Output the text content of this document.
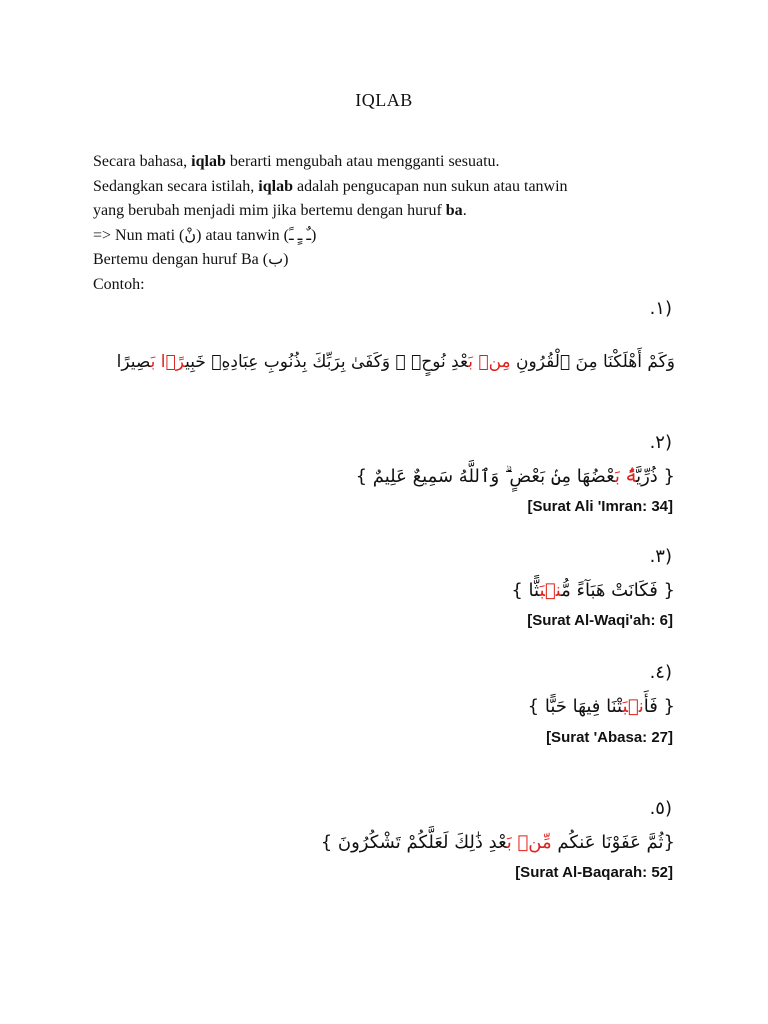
IQLAB

Secara bahasa, iqlab berarti mengubah atau mengganti sesuatu.

Sedangkan secara istilah, iqlab adalah pengucapan nun sukun atau tanwin

yang berubah menjadi mim jika bertemu dengan huruf ba.

=> Nun mati (نْ) atau tanwin (ـٌ ـٍ ـً)

Bertemu dengan huruf Ba (ب)

Contoh:

.١)
وَكَمْ أَهْلَكْنَا مِنَ ٱلْقُرُونِ مِنۢ بَعْدِ نُوحٍۢ ۗ وَكَفَىٰ بِرَبِّكَ بِذُنُوبِ عِبَادِهِۦ خَبِيرًۢا بَصِيرًا
.٢)
{ ذُرِّيَّةًۢ بَعْضُهَا مِنۢ بَعْضٍ ۗ وَٱللَّهُ سَمِيعٌ عَلِيمٌ }
[Surat Ali 'Imran: 34]
.٣)
{ فَكَانَتْ هَبَآءً مُّنۢبَثًّا }
[Surat Al-Waqi'ah: 6]
.٤)
{ فَأَنۢبَتْنَا فِيهَا حَبًّا }
[Surat 'Abasa: 27]
.٥)
{ثُمَّ عَفَوْنَا عَنكُم مِّنۢ بَعْدِ ذَٰلِكَ لَعَلَّكُمْ تَشْكُرُونَ }
[Surat Al-Baqarah: 52]
